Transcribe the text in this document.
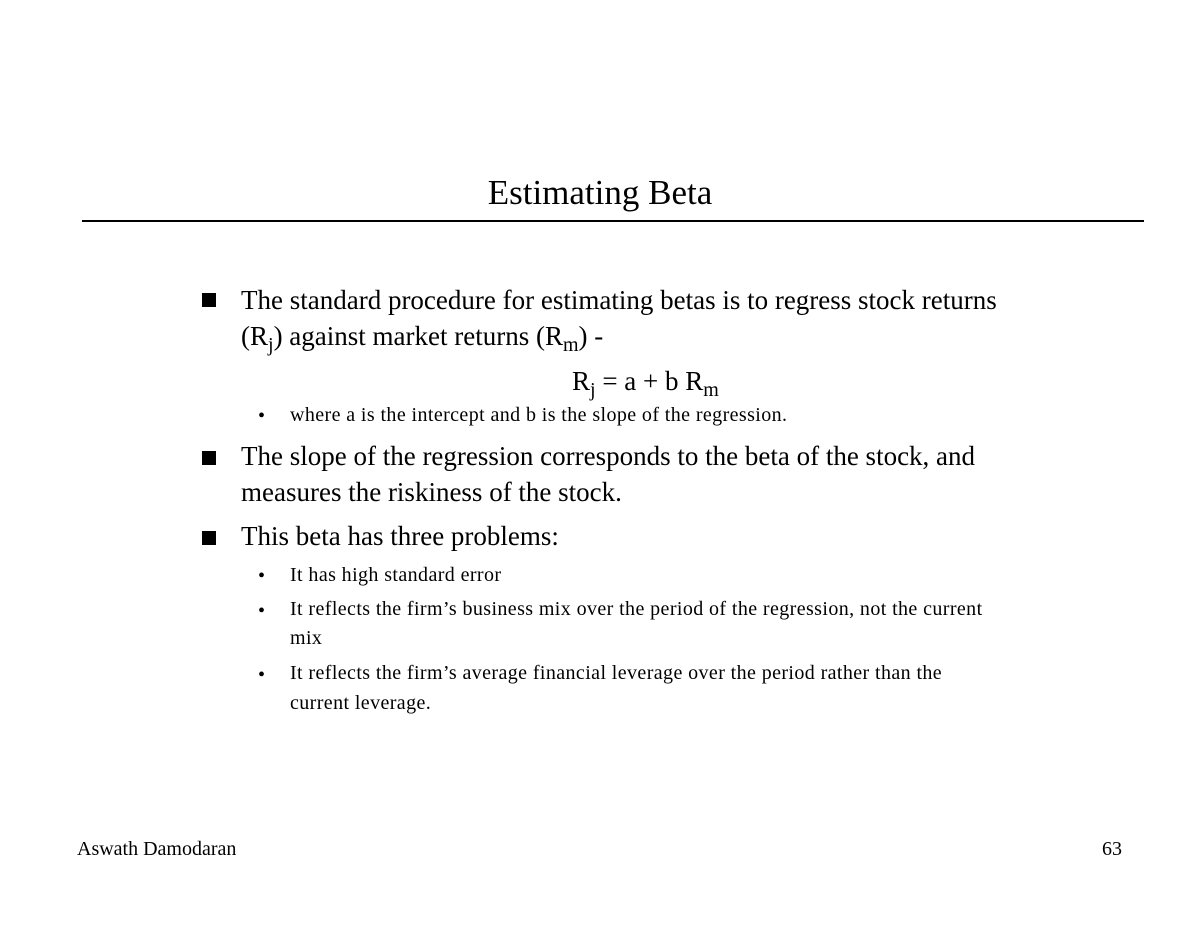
Estimating Beta
The standard procedure for estimating betas is to regress stock returns
$(R_j)$ against market returns $(R_m)$ -
$R_j = a + b$ $R_m$
• where a is the intercept and b is the slope of the regression.
The slope of the regression corresponds to the beta of the stock, and
measures the riskiness of the stock.
This beta has three problems:
• It has high standard error
• It reflects the firm’s business mix over the period of the regression, not the current
mix
• It reflects the firm’s average financial leverage over the period rather than the
current leverage.
Aswath Damodaran	63
